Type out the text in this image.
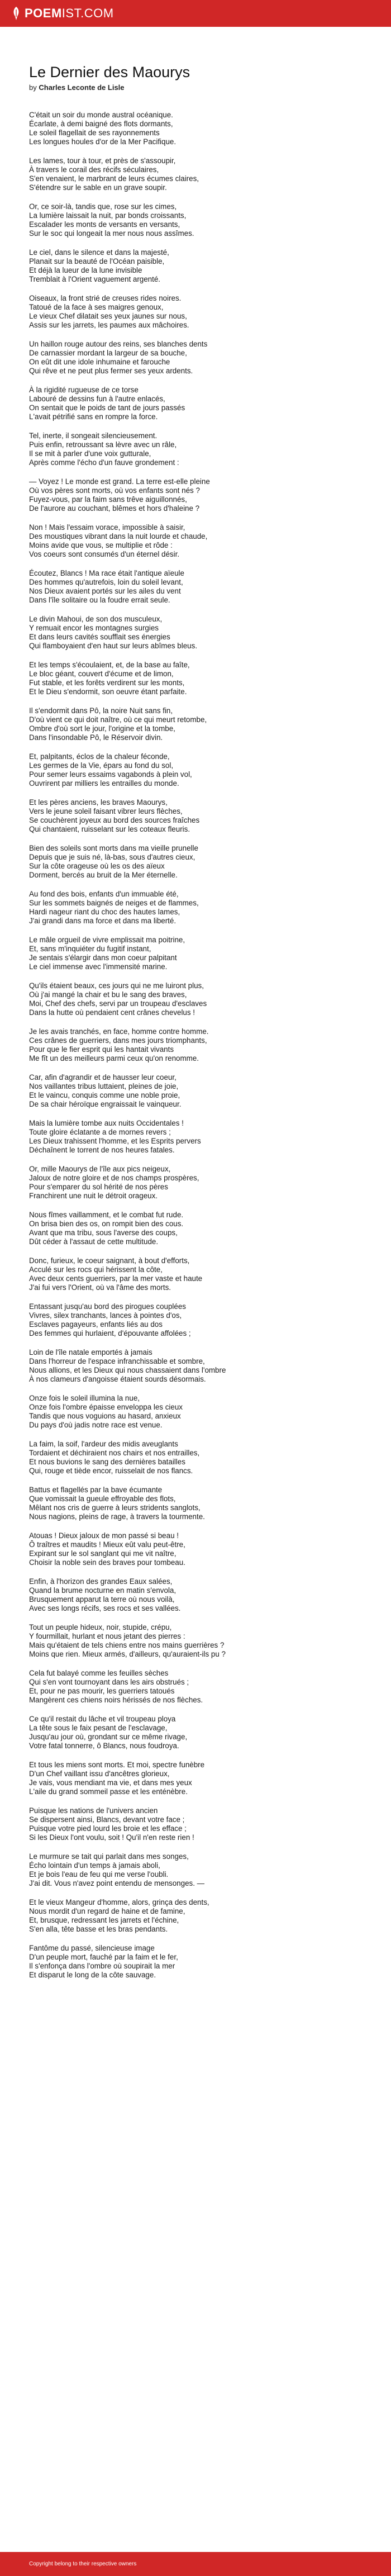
POEMIST.COM
Le Dernier des Maourys
by Charles Leconte de Lisle

C'était un soir du monde austral océanique.
Écarlate, à demi baigné des flots dormants,
Le soleil flagellait de ses rayonnements
Les longues houles d'or de la Mer Pacifique.

Les lames, tour à tour, et près de s'assoupir,
À travers le corail des récifs séculaires,
S'en venaient, le marbrant de leurs écumes claires,
S'étendre sur le sable en un grave soupir.

Or, ce soir-là, tandis que, rose sur les cimes,
La lumière laissait la nuit, par bonds croissants,
Escalader les monts de versants en versants,
Sur le soc qui longeait la mer nous nous assîmes.

Le ciel, dans le silence et dans la majesté,
Planait sur la beauté de l'Océan paisible,
Et déjà la lueur de la lune invisible
Tremblait à l'Orient vaguement argenté.

Oiseaux, la front strié de creuses rides noires.
Tatoué de la face à ses maigres genoux,
Le vieux Chef dilatait ses yeux jaunes sur nous,
Assis sur les jarrets, les paumes aux mâchoires.

Un haillon rouge autour des reins, ses blanches dents
De carnassier mordant la largeur de sa bouche,
On eût dit une idole inhumaine et farouche
Qui rêve et ne peut plus fermer ses yeux ardents.

À la rigidité rugueuse de ce torse
Labouré de dessins fun à l'autre enlacés,
On sentait que le poids de tant de jours passés
L'avait pétrifié sans en rompre la force.

Tel, inerte, il songeait silencieusement.
Puis enfin, retroussant sa lèvre avec un râle,
Il se mit à parler d'une voix gutturale,
Après comme l'écho d'un fauve grondement :

— Voyez ! Le monde est grand. La terre est-elle pleine
Où vos pères sont morts, où vos enfants sont nés ?
Fuyez-vous, par la faim sans trêve aiguillonnés,
De l'aurore au couchant, blêmes et hors d'haleine ?

Non ! Mais l'essaim vorace, impossible à saisir,
Des moustiques vibrant dans la nuit lourde et chaude,
Moins avide que vous, se multiplie et rôde :
Vos coeurs sont consumés d'un éternel désir.

Écoutez, Blancs ! Ma race était l'antique aïeule
Des hommes qu'autrefois, loin du soleil levant,
Nos Dieux avaient portés sur les ailes du vent
Dans l'île solitaire ou la foudre errait seule.

Le divin Mahoui, de son dos musculeux,
Y remuait encor les montagnes surgies
Et dans leurs cavités soufflait ses énergies
Qui flamboyaient d'en haut sur leurs abîmes bleus.

Et les temps s'écoulaient, et, de la base au faîte,
Le bloc géant, couvert d'écume et de limon,
Fut stable, et les forêts verdirent sur les monts,
Et le Dieu s'endormit, son oeuvre étant parfaite.

Il s'endormit dans Pô, la noire Nuit sans fin,
D'où vient ce qui doit naître, où ce qui meurt retombe,
Ombre d'où sort le jour, l'origine et la tombe,
Dans l'insondable Pô, le Réservoir divin.

Et, palpitants, éclos de la chaleur féconde,
Les germes de la Vie, épars au fond du sol,
Pour semer leurs essaims vagabonds à plein vol,
Ouvrirent par milliers les entrailles du monde.

Et les pères anciens, les braves Maourys,
Vers le jeune soleil faisant vibrer leurs flèches,
Se couchèrent joyeux au bord des sources fraîches
Qui chantaient, ruisselant sur les coteaux fleuris.

Bien des soleils sont morts dans ma vieille prunelle
Depuis que je suis né, là-bas, sous d'autres cieux,
Sur la côte orageuse où les os des aïeux
Dorment, bercés au bruit de la Mer éternelle.

Au fond des bois, enfants d'un immuable été,
Sur les sommets baignés de neiges et de flammes,
Hardi nageur riant du choc des hautes lames,
J'ai grandi dans ma force et dans ma liberté.

Le mâle orgueil de vivre emplissait ma poitrine,
Et, sans m'inquiéter du fugitif instant,
Je sentais s'élargir dans mon coeur palpitant
Le ciel immense avec l'immensité marine.

Qu'ils étaient beaux, ces jours qui ne me luiront plus,
Où j'ai mangé la chair et bu le sang des braves,
Moi, Chef des chefs, servi par un troupeau d'esclaves
Dans la hutte où pendaient cent crânes chevelus !

Je les avais tranchés, en face, homme contre homme.
Ces crânes de guerriers, dans mes jours triomphants,
Pour que le fier esprit qui les hantait vivants
Me fît un des meilleurs parmi ceux qu'on renomme.

Car, afin d'agrandir et de hausser leur coeur,
Nos vaillantes tribus luttaient, pleines de joie,
Et le vaincu, conquis comme une noble proie,
De sa chair héroïque engraissait le vainqueur.

Mais la lumière tombe aux nuits Occidentales !
Toute gloire éclatante a de mornes revers ;
Les Dieux trahissent l'homme, et les Esprits pervers
Déchaînent le torrent de nos heures fatales.

Or, mille Maourys de l'île aux pics neigeux,
Jaloux de notre gloire et de nos champs prospères,
Pour s'emparer du sol hérité de nos pères
Franchirent une nuit le détroit orageux.

Nous fîmes vaillamment, et le combat fut rude.
On brisa bien des os, on rompit bien des cous.
Avant que ma tribu, sous l'averse des coups,
Dût céder à l'assaut de cette multitude.

Donc, furieux, le coeur saignant, à bout d'efforts,
Acculé sur les rocs qui hérissent la côte,
Avec deux cents guerriers, par la mer vaste et haute
J'ai fui vers l'Orient, où va l'âme des morts.

Entassant jusqu'au bord des pirogues couplées
Vivres, silex tranchants, lances à pointes d'os,
Esclaves pagayeurs, enfants liés au dos
Des femmes qui hurlaient, d'épouvante affolées ;

Loin de l'île natale emportés à jamais
Dans l'horreur de l'espace infranchissable et sombre,
Nous allions, et les Dieux qui nous chassaient dans l'ombre
À nos clameurs d'angoisse étaient sourds désormais.

Onze fois le soleil illumina la nue,
Onze fois l'ombre épaisse enveloppa les cieux
Tandis que nous voguions au hasard, anxieux
Du pays d'où jadis notre race est venue.

La faim, la soif, l'ardeur des midis aveuglants
Tordaient et déchiraient nos chairs et nos entrailles,
Et nous buvions le sang des dernières batailles
Qui, rouge et tiède encor, ruisselait de nos flancs.

Battus et flagellés par la bave écumante
Que vomissait la gueule effroyable des flots,
Mêlant nos cris de guerre à leurs stridents sanglots,
Nous nagions, pleins de rage, à travers la tourmente.

Atouas ! Dieux jaloux de mon passé si beau !
Ô traîtres et maudits ! Mieux eût valu peut-être,
Expirant sur le sol sanglant qui me vit naître,
Choisir la noble sein des braves pour tombeau.

Enfin, à l'horizon des grandes Eaux salées,
Quand la brume nocturne en matin s'envola,
Brusquement apparut la terre où nous voilà,
Avec ses longs récifs, ses rocs et ses vallées.

Tout un peuple hideux, noir, stupide, crépu,
Y fourmillait, hurlant et nous jetant des pierres :
Mais qu'étaient de tels chiens entre nos mains guerrières ?
Moins que rien. Mieux armés, d'ailleurs, qu'auraient-ils pu ?

Cela fut balayé comme les feuilles sèches
Qui s'en vont tournoyant dans les airs obstrués ;
Et, pour ne pas mourir, les guerriers tatoués
Mangèrent ces chiens noirs hérissés de nos flèches.

Ce qu'il restait du lâche et vil troupeau ploya
La tête sous le faix pesant de l'esclavage,
Jusqu'au jour où, grondant sur ce même rivage,
Votre fatal tonnerre, ô Blancs, nous foudroya.

Et tous les miens sont morts. Et moi, spectre funèbre
D'un Chef vaillant issu d'ancêtres glorieux,
Je vais, vous mendiant ma vie, et dans mes yeux
L'aile du grand sommeil passe et les enténèbre.

Puisque les nations de l'univers ancien
Se dispersent ainsi, Blancs, devant votre face ;
Puisque votre pied lourd les broie et les efface ;
Si les Dieux l'ont voulu, soit ! Qu'il n'en reste rien !

Le murmure se tait qui parlait dans mes songes,
Écho lointain d'un temps à jamais aboli,
Et je bois l'eau de feu qui me verse l'oubli.
J'ai dit. Vous n'avez point entendu de mensonges. —

Et le vieux Mangeur d'homme, alors, grinça des dents,
Nous mordit d'un regard de haine et de famine,
Et, brusque, redressant les jarrets et l'échine,
S'en alla, tête basse et les bras pendants.

Fantôme du passé, silencieuse image
D'un peuple mort, fauché par la faim et le fer,
Il s'enfonça dans l'ombre où soupirait la mer
Et disparut le long de la côte sauvage.

Copyright belong to their respective owners
